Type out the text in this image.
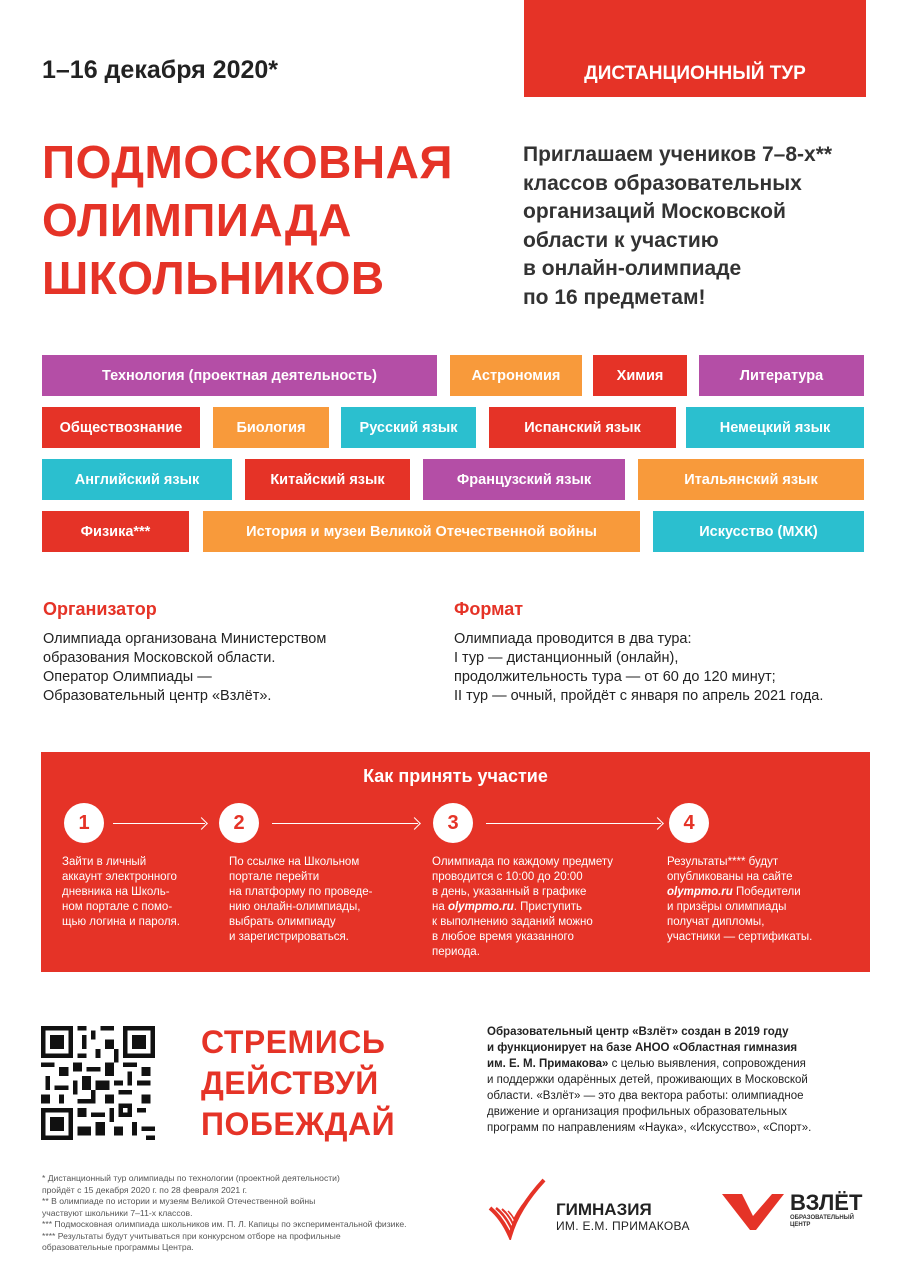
1–16 декабря 2020*	ДИСТАНЦИОННЫЙ ТУР
ПОДМОСКОВНАЯ
ОЛИМПИАДА
ШКОЛЬНИКОВ
Приглашаем учеников 7–8-х**
классов образовательных
организаций Московской
области к участию
в онлайн-олимпиаде
по 16 предметам!
Технология (проектная деятельность)	Астрономия	Химия	Литература
Обществознание	Биология	Русский язык	Испанский язык	Немецкий язык
Английский язык	Китайский язык	Французский язык	Итальянский язык
Физика***	История и музеи Великой Отечественной войны	Искусство (МХК)
Организатор
Олимпиада организована Министерством
образования Московской области.
Оператор Олимпиады —
Образовательный центр «Взлёт».
Формат
Олимпиада проводится в два тура:
I тур — дистанционный (онлайн),
продолжительность тура — от 60 до 120 минут;
II тур — очный, пройдёт с января по апрель 2021 года.
Как принять участие
1	2	3	4
Зайти в личный
аккаунт электронного
дневника на Школь-
ном портале с помо-
щью логина и пароля.
По ссылке на Школьном
портале перейти
на платформу по проведе-
нию онлайн-олимпиады,
выбрать олимпиаду
и зарегистрироваться.
Олимпиада по каждому предмету
проводится с 10:00 до 20:00
в день, указанный в графике
на olympmo.ru. Приступить
к выполнению заданий можно
в любое время указанного
периода.
Результаты**** будут
опубликованы на сайте
olympmo.ru Победители
и призёры олимпиады
получат дипломы,
участники — сертификаты.
СТРЕМИСЬ
ДЕЙСТВУЙ
ПОБЕЖДАЙ
Образовательный центр «Взлёт» создан в 2019 году
и функционирует на базе АНОО «Областная гимназия
им. Е. М. Примакова» с целью выявления, сопровождения
и поддержки одарённых детей, проживающих в Московской
области. «Взлёт» — это два вектора работы: олимпиадное
движение и организация профильных образовательных
программ по направлениям «Наука», «Искусство», «Спорт».
* Дистанционный тур олимпиады по технологии (проектной деятельности)
пройдёт с 15 декабря 2020 г. по 28 февраля 2021 г.
** В олимпиаде по истории и музеям Великой Отечественной войны
участвуют школьники 7–11-х классов.
*** Подмосковная олимпиада школьников им. П. Л. Капицы по экспериментальной физике.
**** Результаты будут учитываться при конкурсном отборе на профильные
образовательные программы Центра.
ГИМНАЗИЯ
ИМ. Е.М. ПРИМАКОВА
ВЗЛЁТ
ОБРАЗОВАТЕЛЬНЫЙ ЦЕНТР
